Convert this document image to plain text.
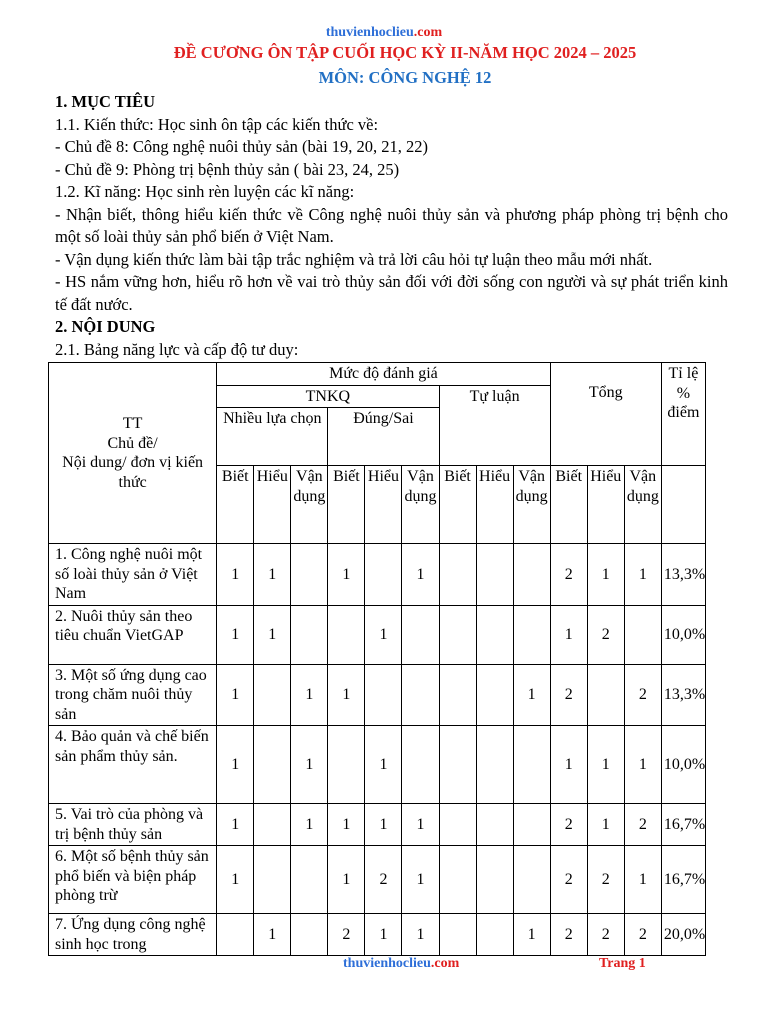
thuvienhoclieu.com
ĐỀ CƯƠNG ÔN TẬP CUỐI HỌC KỲ II-NĂM HỌC 2024 – 2025
MÔN: CÔNG NGHỆ 12

1. MỤC TIÊU

1.1. Kiến thức: Học sinh ôn tập các kiến thức về:

- Chủ đề 8: Công nghệ nuôi thủy sản (bài 19, 20, 21, 22)

- Chủ đề 9: Phòng trị bệnh thủy sản ( bài 23, 24, 25)

1.2. Kĩ năng: Học sinh rèn luyện các kĩ năng:

- Nhận biết, thông hiểu kiến thức về Công nghệ nuôi thủy sản và phương pháp phòng trị bệnh cho một số loài thủy sản phổ biến ở Việt Nam.

- Vận dụng kiến thức làm bài tập trắc nghiệm và trả lời câu hỏi tự luận theo mẫu mới nhất.

- HS nắm vững hơn, hiểu rõ hơn về vai trò thủy sản đối với đời sống con người và sự phát triển kinh tế đất nước.

2. NỘI DUNG

2.1. Bảng năng lực và cấp độ tư duy:

TT
Chủ đề/
Nội dung/ đơn vị kiến thức	Mức độ đánh giá									Tổng			Tỉ lệ % điểm
	TNKQ						Tự luận						
	Nhiều lựa chọn			Đúng/Sai									
	Biết	Hiểu	Vận dụng	Biết	Hiểu	Vận dụng	Biết	Hiểu	Vận dụng	Biết	Hiểu	Vận dụng	
1. Công nghệ nuôi một số loài thủy sản ở Việt Nam	1	1		1		1				2	1	1	13,3%
2. Nuôi thủy sản theo tiêu chuẩn VietGAP	1	1			1					1	2		10,0%
3. Một số ứng dụng cao trong chăm nuôi thủy sản	1		1	1					1	2		2	13,3%
4. Bảo quản và chế biến sản phẩm thủy sản.	1		1		1					1	1	1	10,0%
5. Vai trò của phòng và trị bệnh thủy sản	1		1	1	1	1				2	1	2	16,7%
6. Một số bệnh thủy sản phổ biến và biện pháp phòng trừ	1			1	2	1				2	2	1	16,7%
7. Ứng dụng công nghệ sinh học trong		1		2	1	1			1	2	2	2	20,0%
thuvienhoclieu.com	Trang 1
